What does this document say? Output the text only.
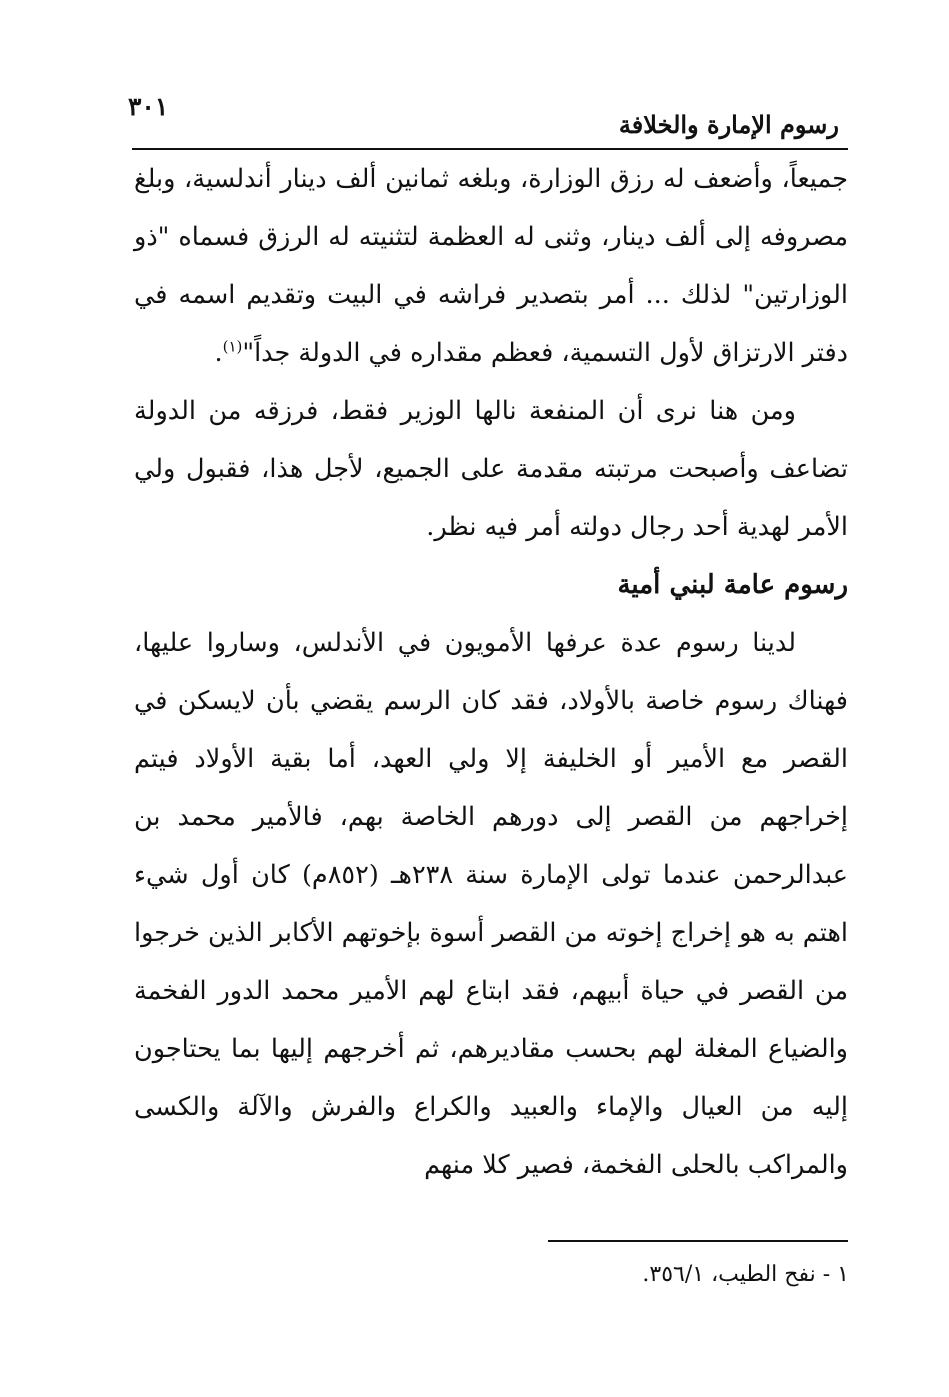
٣٠١
رسوم الإمارة والخلافة

جميعاً، وأضعف له رزق الوزارة، وبلغه ثمانين ألف دينار أندلسية، وبلغ مصروفه إلى ألف دينار، وثنى له العظمة لتثنيته له الرزق فسماه "ذو الوزارتين" لذلك ... أمر بتصدير فراشه في البيت وتقديم اسمه في دفتر الارتزاق لأول التسمية، فعظم مقداره في الدولة جداً"$^{(١)}$.

ومن هنا نرى أن المنفعة نالها الوزير فقط، فرزقه من الدولة تضاعف وأصبحت مرتبته مقدمة على الجميع، لأجل هذا، فقبول ولي الأمر لهدية أحد رجال دولته أمر فيه نظر.

رسوم عامة لبني أمية

لدينا رسوم عدة عرفها الأمويون في الأندلس، وساروا عليها، فهناك رسوم خاصة بالأولاد، فقد كان الرسم يقضي بأن لايسكن في القصر مع الأمير أو الخليفة إلا ولي العهد، أما بقية الأولاد فيتم إخراجهم من القصر إلى دورهم الخاصة بهم، فالأمير محمد بن عبدالرحمن عندما تولى الإمارة سنة ٢٣٨هـ (٨٥٢م) كان أول شيء اهتم به هو إخراج إخوته من القصر أسوة بإخوتهم الأكابر الذين خرجوا من القصر في حياة أبيهم، فقد ابتاع لهم الأمير محمد الدور الفخمة والضياع المغلة لهم بحسب مقاديرهم، ثم أخرجهم إليها بما يحتاجون إليه من العيال والإماء والعبيد والكراع والفرش والآلة والكسى والمراكب بالحلى الفخمة، فصير كلا منهم

١ - نفح الطيب، ٣٥٦/١.
